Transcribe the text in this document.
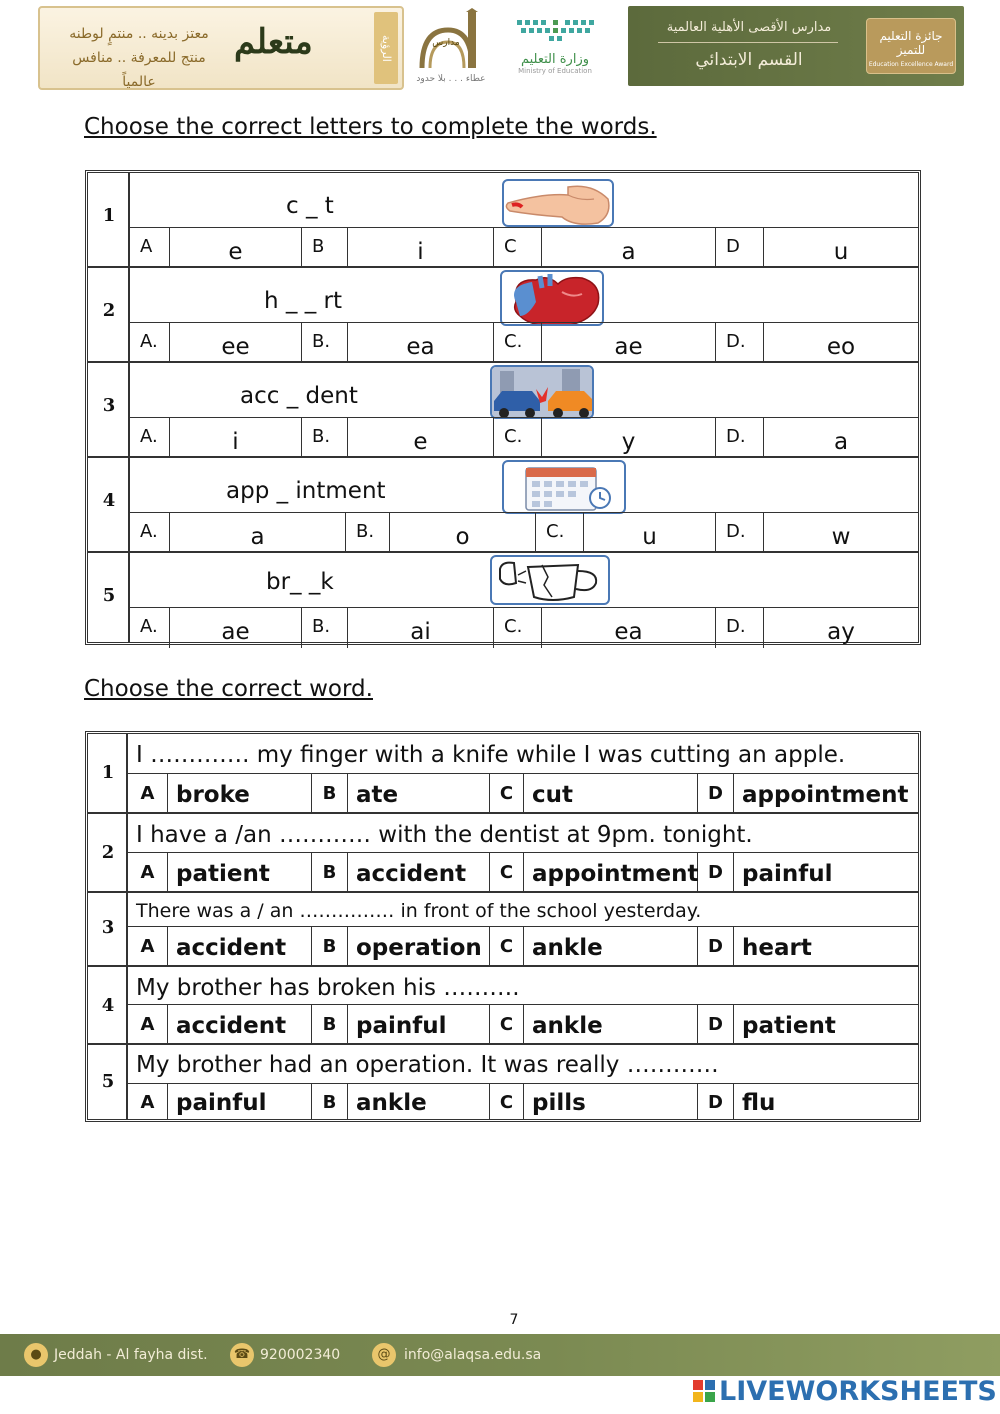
معتز بدينه .. منتمٍ لوطنه
منتج للمعرفة .. منافس عالمياً
متعلم	الرؤية	مدارس
عطاء . . . بلا حدود
وزارة التعليم
Ministry of Education
مدارس الأقصى الأهلية العالمية
القسم الابتدائي
جائزة التعليم للتميز
Education Excellence Award
Choose the correct letters to complete the words.
1	c _ t
A	e	B	i	C	a	D	u
2	h _ _ rt
A.	ee	B.	ea	C.	ae	D.	eo
3	acc _ dent
A.	i	B.	e	C.	y	D.	a
4	app _ intment
A.	a	B.	o	C.	u	D.	w
5
br_ _k
A.	ae	B.	ai	C.	ea	D.	ay
Choose the correct word.
1
I …………. my finger with a knife while I was cutting an apple.
A broke	B ate	C cut	D appointment
2
I have a /an ………… with the dentist at 9pm. tonight.
A patient	B accident	C appointment D painful
3
There was a / an …………… in front of the school yesterday.
A accident	B operation	C ankle	D heart
4
My brother has broken his ……….
A accident	B painful	C ankle	D patient
5
My brother had an operation. It was really …………
A painful	B ankle	C pills	D flu
7
● Jeddah - Al fayha dist. ☎ 920002340	@ info@alaqsa.edu.sa
LIVEWORKSHEETS
